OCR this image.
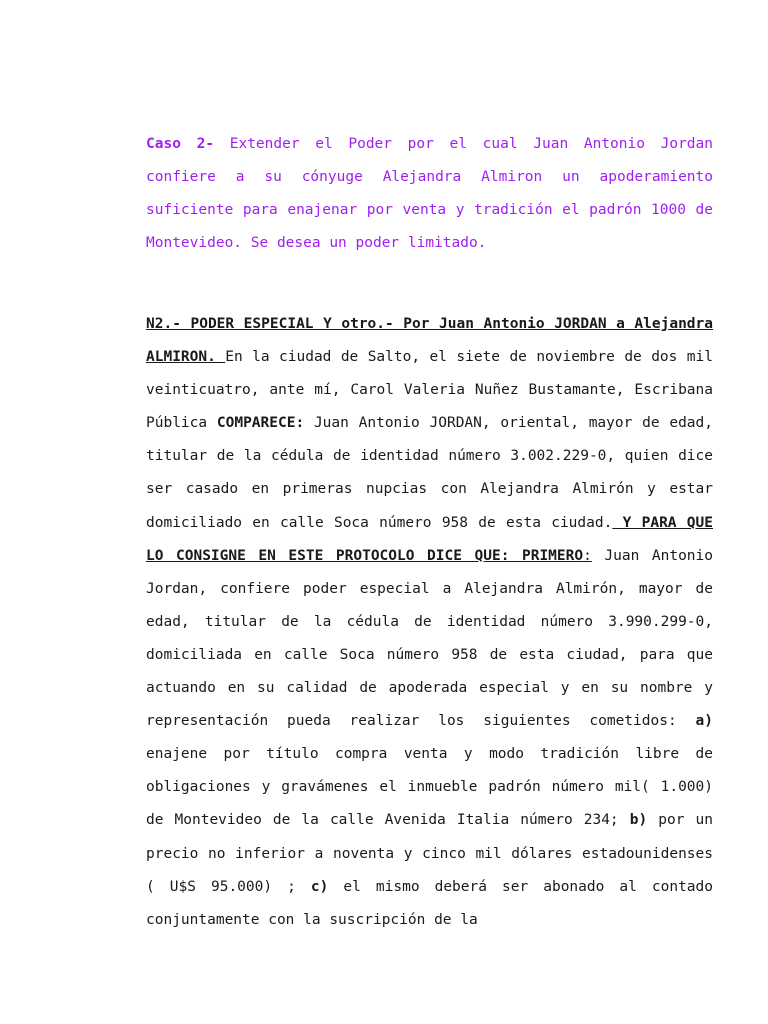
Caso 2- Extender el Poder por el cual Juan Antonio Jordan confiere a su cónyuge Alejandra Almiron un apoderamiento suficiente para enajenar por venta y tradición el padrón 1000 de Montevideo. Se desea un poder limitado.

N2.- PODER ESPECIAL Y otro.- Por Juan Antonio JORDAN a Alejandra ALMIRON. En la ciudad de Salto, el siete de noviembre de dos mil veinticuatro, ante mí, Carol Valeria Nuñez Bustamante, Escribana Pública COMPARECE: Juan Antonio JORDAN, oriental, mayor de edad, titular de la cédula de identidad número 3.002.229-0, quien dice ser casado en primeras nupcias con Alejandra Almirón y estar domiciliado en calle Soca número 958 de esta ciudad. Y PARA QUE LO CONSIGNE EN ESTE PROTOCOLO DICE QUE: PRIMERO: Juan Antonio Jordan, confiere poder especial a Alejandra Almirón, mayor de edad, titular de la cédula de identidad número 3.990.299-0, domiciliada en calle Soca número 958 de esta ciudad, para que actuando en su calidad de apoderada especial y en su nombre y representación pueda realizar los siguientes cometidos: a) enajene por título compra venta y modo tradición libre de obligaciones y gravámenes el inmueble padrón número mil( 1.000) de Montevideo de la calle Avenida Italia número 234; b) por un precio no inferior a noventa y cinco mil dólares estadounidenses ( U$S 95.000) ; c) el mismo deberá ser abonado al contado conjuntamente con la suscripción de la
